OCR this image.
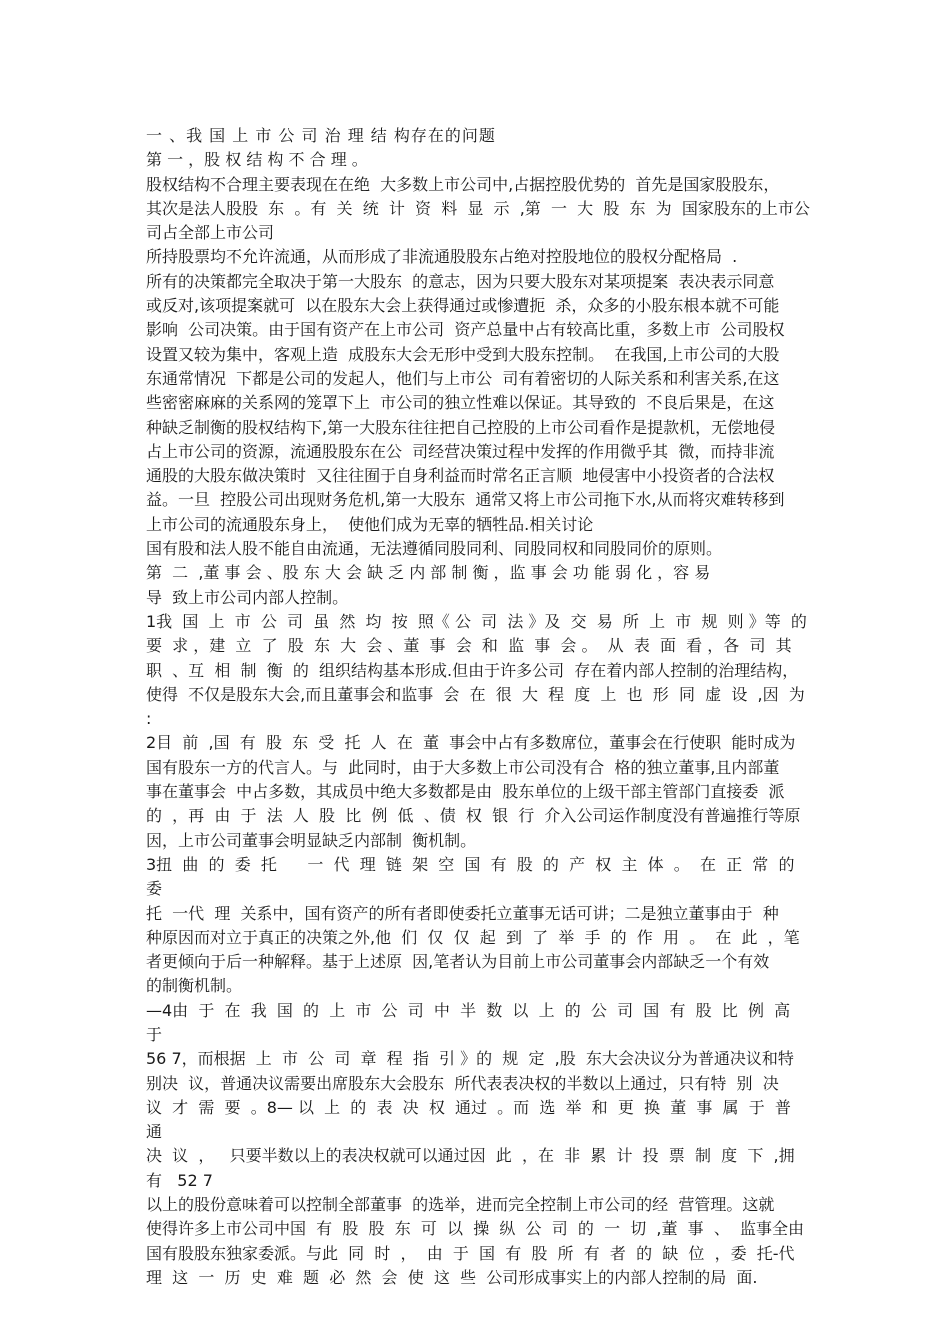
一 、我 国 上 市 公 司 治 理 结 构存在的问题

第 一 ，股 权 结 构 不 合 理 。

股权结构不合理主要表现在在绝  大多数上市公司中,占据控股优势的  首先是国家股股东，

其次是法人股股  东  。有  关  统  计  资  料  显  示  ,第  一  大  股  东  为  国家股东的上市公

司占全部上市公司

所持股票均不允许流通，从而形成了非流通股股东占绝对控股地位的股权分配格局  .

所有的决策都完全取决于第一大股东  的意志，因为只要大股东对某项提案  表决表示同意

或反对,该项提案就可  以在股东大会上获得通过或惨遭扼  杀，众多的小股东根本就不可能

影响  公司决策。由于国有资产在上市公司  资产总量中占有较高比重，多数上市  公司股权

设置又较为集中，客观上造  成股东大会无形中受到大股东控制。  在我国,上市公司的大股

东通常情况  下都是公司的发起人，他们与上市公  司有着密切的人际关系和利害关系,在这

些密密麻麻的关系网的笼罩下上  市公司的独立性难以保证。其导致的  不良后果是，在这

种缺乏制衡的股权结构下,第一大股东往往把自己控股的上市公司看作是提款机，无偿地侵

占上市公司的资源，流通股股东在公  司经营决策过程中发挥的作用微乎其  微，而持非流

通股的大股东做决策时  又往往囿于自身利益而时常名正言顺  地侵害中小投资者的合法权

益。一旦  控股公司出现财务危机,第一大股东  通常又将上市公司拖下水,从而将灾难转移到

上市公司的流通股东身上，  使他们成为无辜的牺牲品.相关讨论

国有股和法人股不能自由流通，无法遵循同股同利、同股同权和同股同价的原则。

第  二  ,董 事 会 、股 东 大 会 缺 乏 内 部 制 衡 ，监 事 会 功 能 弱 化 ，容 易

导  致上市公司内部人控制。

1我  国  上  市  公  司  虽  然  均  按  照《 公  司  法 》及  交  易  所  上  市  规  则 》等  的

要  求 ，建  立  了  股  东  大  会 、董  事  会  和  监  事  会 。  从  表  面  看 ，各  司  其

职  、互  相  制  衡  的  组织结构基本形成.但由于许多公司  存在着内部人控制的治理结构，

使得  不仅是股东大会,而且董事会和监事  会  在  很  大  程  度  上  也  形  同  虚  设  ,因  为 :

2目  前  ,国  有  股  东  受  托  人  在  董  事会中占有多数席位，董事会在行使职  能时成为

国有股东一方的代言人。与  此同时，由于大多数上市公司没有合  格的独立董事,且内部董

事在董事会  中占多数，其成员中绝大多数都是由  股东单位的上级干部主管部门直接委  派

的  ，再  由  于  法  人  股  比  例  低  、债  权  银  行  介入公司运作制度没有普遍推行等原

因，上市公司董事会明显缺乏内部制  衡机制。

3扭  曲  的  委  托      一  代  理  链  架  空  国  有  股  的  产  权  主  体  。  在  正  常  的  委

托  一代  理  关系中，国有资产的所有者即使委托立董事无话可讲；二是独立董事由于  种

种原因而对立于真正的决策之外,他  们  仅  仅  起  到  了  举  手  的  作  用  。  在  此  ，笔

者更倾向于后一种解释。基于上述原  因,笔者认为目前上市公司董事会内部缺乏一个有效

的制衡机制。

—4由  于  在  我  国  的  上  市  公  司  中  半  数  以  上  的  公  司  国  有  股  比  例  高  于

56 7，而根据  上  市  公  司  章  程  指  引 》的  规  定  ,股  东大会决议分为普通决议和特

别决  议，普通决议需要出席股东大会股东  所代表表决权的半数以上通过，只有特  别  决

议  才  需  要  。8— 以  上  的  表  决  权  通过  。而  选  举  和  更  换  董  事  属  于  普  通

决  议  ，   只要半数以上的表决权就可以通过因  此  ，在  非  累  计  投  票  制  度  下  ,拥

有   52 7

以上的股份意味着可以控制全部董事  的选举，进而完全控制上市公司的经  营管理。这就

使得许多上市公司中国  有  股  股  东  可  以  操  纵  公  司  的  一  切  ,董  事  、  监事全由

国有股股东独家委派。与此  同  时  ，  由  于  国  有  股  所  有  者  的  缺  位  ，委  托-代

理  这  一  历  史  难  题  必  然  会  使  这  些  公司形成事实上的内部人控制的局  面.
